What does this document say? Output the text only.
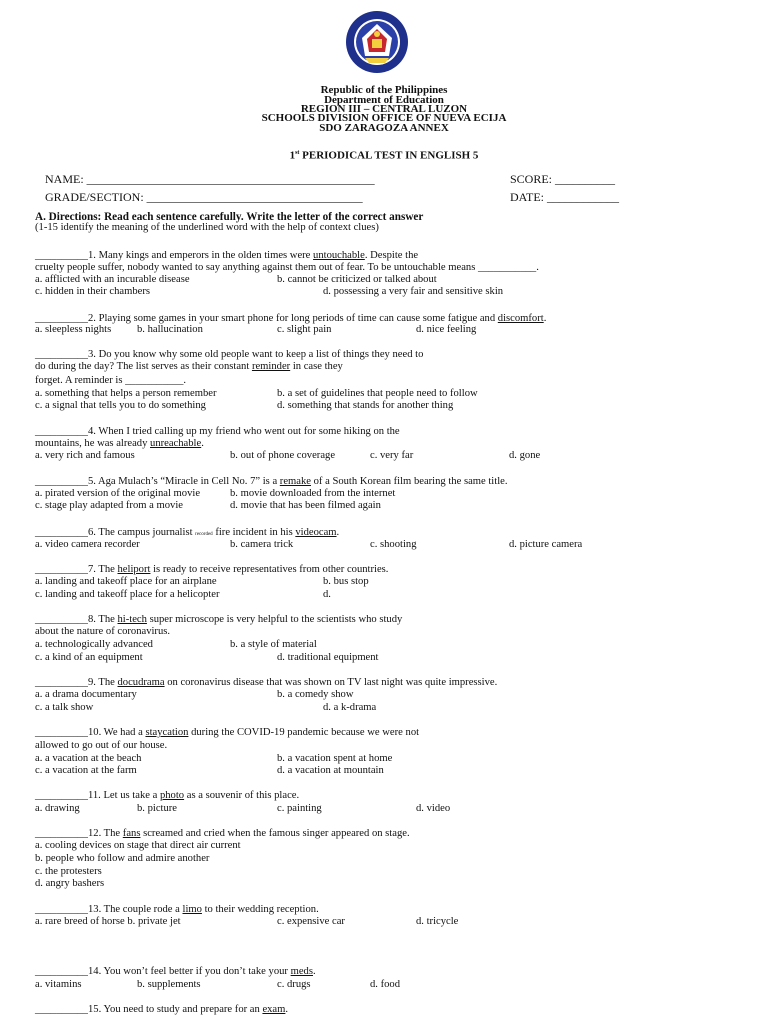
Republic of the Philippines
Department of Education
REGION III – CENTRAL LUZON
SCHOOLS DIVISION OFFICE OF NUEVA ECIJA
SDO ZARAGOZA ANNEX
1st PERIODICAL TEST IN ENGLISH 5
NAME: ________________________________________________	SCORE: __________
GRADE/SECTION: ____________________________________	DATE: ____________
A. Directions: Read each sentence carefully. Write the letter of the correct answer
(1-15 identify the meaning of the underlined word with the help of context clues)
__________1. Many kings and emperors in the olden times were untouchable. Despite the
cruelty people suffer, nobody wanted to say anything against them out of fear. To be untouchable means ___________.
a. afflicted with an incurable disease	b. cannot be criticized or talked about
c. hidden in their chambers	d. possessing a very fair and sensitive skin
__________2. Playing some games in your smart phone for long periods of time can cause some fatigue and discomfort.
a. sleepless nights b. hallucination	c. slight pain	d. nice feeling
__________3. Do you know why some old people want to keep a list of things they need to
do during the day? The list serves as their constant reminder in case they
forget. A reminder is ___________.
a. something that helps a person remember	b. a set of guidelines that people need to follow
c. a signal that tells you to do something	d. something that stands for another thing
__________4. When I tried calling up my friend who went out for some hiking on the
mountains, he was already unreachable.
a. very rich and famous	b. out of phone coverage	c. very far	d. gone
__________5. Aga Mulach’s “Miracle in Cell No. 7” is a remake of a South Korean film bearing the same title.
a. pirated version of the original movie	b. movie downloaded from the internet
c. stage play adapted from a movie	d. movie that has been filmed again
__________6. The campus journalist recorded fire incident in his videocam.
a. video camera recorder	b. camera trick	c. shooting	d. picture camera
__________7. The heliport is ready to receive representatives from other countries.
a. landing and takeoff place for an airplane	b. bus stop
c. landing and takeoff place for a helicopter	d.
__________8. The hi-tech super microscope is very helpful to the scientists who study
about the nature of coronavirus.
a. technologically advanced	b. a style of material
c. a kind of an equipment	d. traditional equipment
__________9. The docudrama on coronavirus disease that was shown on TV last night was quite impressive.
a. a drama documentary	b. a comedy show
c. a talk show	d. a k-drama
__________10. We had a staycation during the COVID-19 pandemic because we were not
allowed to go out of our house.
a. a vacation at the beach	b. a vacation spent at home
c. a vacation at the farm	d. a vacation at mountain
__________11. Let us take a photo as a souvenir of this place.
a. drawing	b. picture	c. painting	d. video
__________12. The fans screamed and cried when the famous singer appeared on stage.
a. cooling devices on stage that direct air current
b. people who follow and admire another
c. the protesters
d. angry bashers
__________13. The couple rode a limo to their wedding reception.
a. rare breed of horse b. private jet	c. expensive car	d. tricycle
__________14. You won’t feel better if you don’t take your meds.
a. vitamins	b. supplements	c. drugs	d. food
__________15. You need to study and prepare for an exam.
